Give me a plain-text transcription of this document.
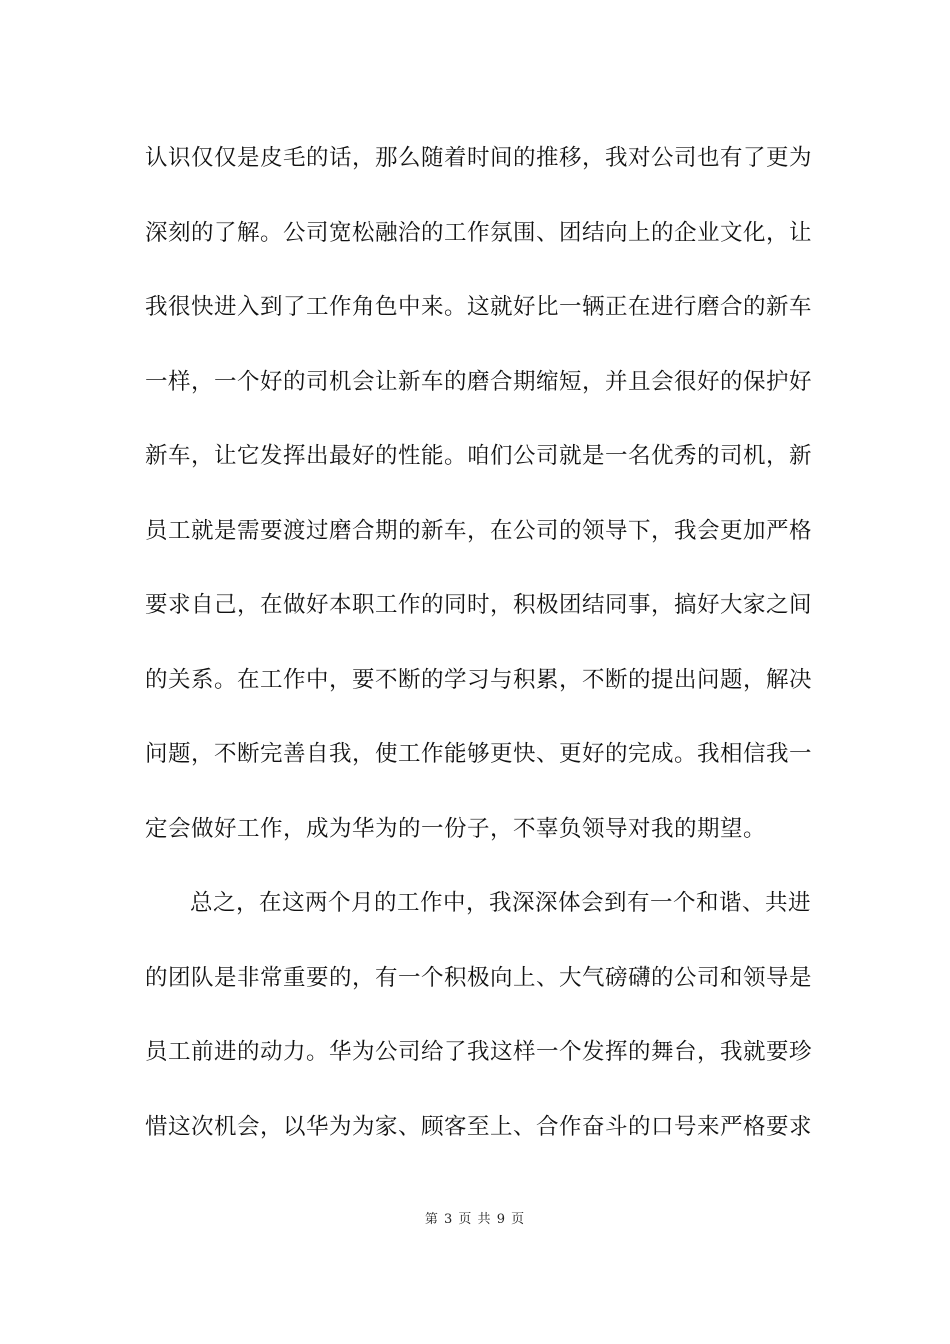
认识仅仅是皮毛的话，那么随着时间的推移，我对公司也有了更为
深刻的了解。公司宽松融洽的工作氛围、团结向上的企业文化，让
我很快进入到了工作角色中来。这就好比一辆正在进行磨合的新车
一样，一个好的司机会让新车的磨合期缩短，并且会很好的保护好
新车，让它发挥出最好的性能。咱们公司就是一名优秀的司机，新
员工就是需要渡过磨合期的新车，在公司的领导下，我会更加严格
要求自己，在做好本职工作的同时，积极团结同事，搞好大家之间
的关系。在工作中，要不断的学习与积累，不断的提出问题，解决
问题，不断完善自我，使工作能够更快、更好的完成。我相信我一
定会做好工作，成为华为的一份子，不辜负领导对我的期望。
总之，在这两个月的工作中，我深深体会到有一个和谐、共进
的团队是非常重要的，有一个积极向上、大气磅礴的公司和领导是
员工前进的动力。华为公司给了我这样一个发挥的舞台，我就要珍
惜这次机会，以华为为家、顾客至上、合作奋斗的口号来严格要求
第 3 页 共 9 页
